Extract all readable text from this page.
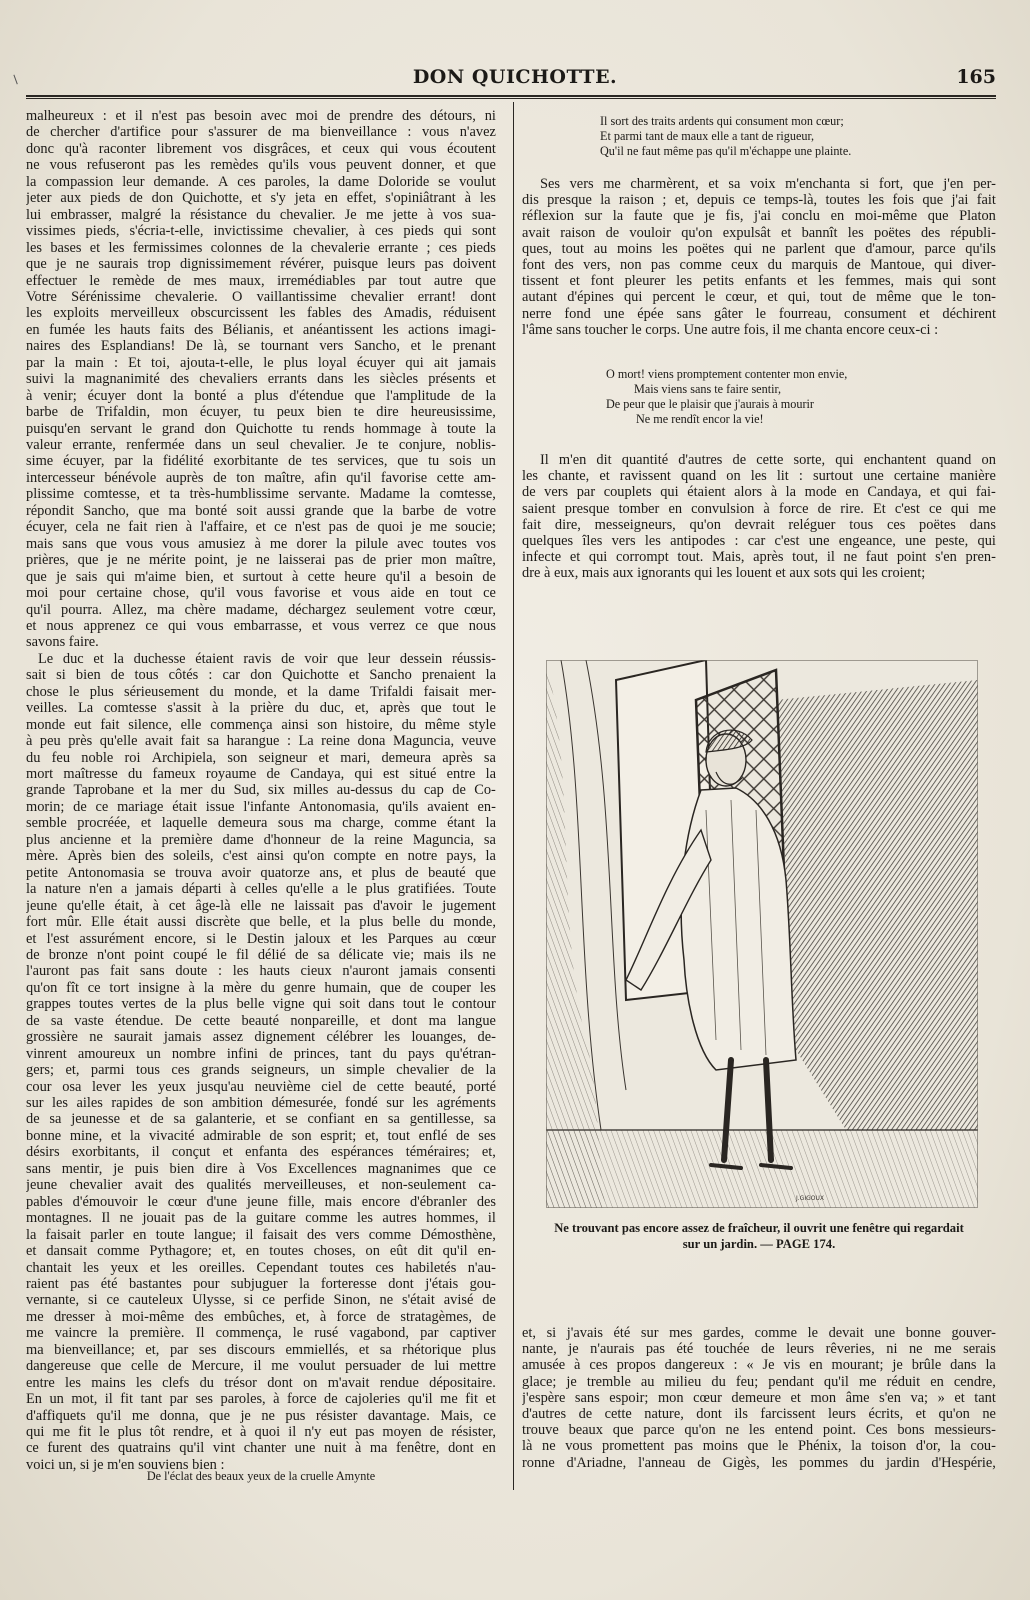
DON QUICHOTTE.	165
J.GIGOUX
malheureux : et il n'est pas besoin avec moi de prendre des détours, ni
de chercher d'artifice pour s'assurer de ma bienveillance : vous n'avez
donc qu'à raconter librement vos disgrâces, et ceux qui vous écoutent
ne vous refuseront pas les remèdes qu'ils vous peuvent donner, et que
la compassion leur demande. A ces paroles, la dame Doloride se voulut
jeter aux pieds de don Quichotte, et s'y jeta en effet, s'opiniâtrant à les
lui embrasser, malgré la résistance du chevalier. Je me jette à vos sua-
vissimes pieds, s'écria-t-elle, invictissime chevalier, à ces pieds qui sont
les bases et les fermissimes colonnes de la chevalerie errante ; ces pieds
que je ne saurais trop dignissimement révérer, puisque leurs pas doivent
effectuer le remède de mes maux, irremédiables par tout autre que
Votre Sérénissime chevalerie. O vaillantissime chevalier errant! dont
les exploits merveilleux obscurcissent les fables des Amadis, réduisent
en fumée les hauts faits des Bélianis, et anéantissent les actions imagi-
naires des Esplandians! De là, se tournant vers Sancho, et le prenant
par la main : Et toi, ajouta-t-elle, le plus loyal écuyer qui ait jamais
suivi la magnanimité des chevaliers errants dans les siècles présents et
à venir; écuyer dont la bonté a plus d'étendue que l'amplitude de la
barbe de Trifaldin, mon écuyer, tu peux bien te dire heureusissime,
puisqu'en servant le grand don Quichotte tu rends hommage à toute la
valeur errante, renfermée dans un seul chevalier. Je te conjure, noblis-
sime écuyer, par la fidélité exorbitante de tes services, que tu sois un
intercesseur bénévole auprès de ton maître, afin qu'il favorise cette am-
plissime comtesse, et ta très-humblissime servante. Madame la comtesse,
répondit Sancho, que ma bonté soit aussi grande que la barbe de votre
écuyer, cela ne fait rien à l'affaire, et ce n'est pas de quoi je me soucie;
mais sans que vous vous amusiez à me dorer la pilule avec toutes vos
prières, que je ne mérite point, je ne laisserai pas de prier mon maître,
que je sais qui m'aime bien, et surtout à cette heure qu'il a besoin de
moi pour certaine chose, qu'il vous favorise et vous aide en tout ce
qu'il pourra. Allez, ma chère madame, déchargez seulement votre cœur,
et nous apprenez ce qui vous embarrasse, et vous verrez ce que nous
savons faire.
Le duc et la duchesse étaient ravis de voir que leur dessein réussis-
sait si bien de tous côtés : car don Quichotte et Sancho prenaient la
chose le plus sérieusement du monde, et la dame Trifaldi faisait mer-
veilles. La comtesse s'assit à la prière du duc, et, après que tout le
monde eut fait silence, elle commença ainsi son histoire, du même style
à peu près qu'elle avait fait sa harangue : La reine dona Maguncia, veuve
du feu noble roi Archipiela, son seigneur et mari, demeura après sa
mort maîtresse du fameux royaume de Candaya, qui est situé entre la
grande Taprobane et la mer du Sud, six milles au-dessus du cap de Co-
morin; de ce mariage était issue l'infante Antonomasia, qu'ils avaient en-
semble procréée, et laquelle demeura sous ma charge, comme étant la
plus ancienne et la première dame d'honneur de la reine Maguncia, sa
mère. Après bien des soleils, c'est ainsi qu'on compte en notre pays, la
petite Antonomasia se trouva avoir quatorze ans, et plus de beauté que
la nature n'en a jamais départi à celles qu'elle a le plus gratifiées. Toute
jeune qu'elle était, à cet âge-là elle ne laissait pas d'avoir le jugement
fort mûr. Elle était aussi discrète que belle, et la plus belle du monde,
et l'est assurément encore, si le Destin jaloux et les Parques au cœur
de bronze n'ont point coupé le fil délié de sa délicate vie; mais ils ne
l'auront pas fait sans doute : les hauts cieux n'auront jamais consenti
qu'on fît ce tort insigne à la mère du genre humain, que de couper les
grappes toutes vertes de la plus belle vigne qui soit dans tout le contour
de sa vaste étendue. De cette beauté nonpareille, et dont ma langue
grossière ne saurait jamais assez dignement célébrer les louanges, de-
vinrent amoureux un nombre infini de princes, tant du pays qu'étran-
gers; et, parmi tous ces grands seigneurs, un simple chevalier de la
cour osa lever les yeux jusqu'au neuvième ciel de cette beauté, porté
sur les ailes rapides de son ambition démesurée, fondé sur les agréments
de sa jeunesse et de sa galanterie, et se confiant en sa gentillesse, sa
bonne mine, et la vivacité admirable de son esprit; et, tout enflé de ses
désirs exorbitants, il conçut et enfanta des espérances téméraires; et,
sans mentir, je puis bien dire à Vos Excellences magnanimes que ce
jeune chevalier avait des qualités merveilleuses, et non-seulement ca-
pables d'émouvoir le cœur d'une jeune fille, mais encore d'ébranler des
montagnes. Il ne jouait pas de la guitare comme les autres hommes, il
la faisait parler en toute langue; il faisait des vers comme Démosthène,
et dansait comme Pythagore; et, en toutes choses, on eût dit qu'il en-
chantait les yeux et les oreilles. Cependant toutes ces habiletés n'au-
raient pas été bastantes pour subjuguer la forteresse dont j'étais gou-
vernante, si ce cauteleux Ulysse, si ce perfide Sinon, ne s'était avisé de
me dresser à moi-même des embûches, et, à force de stratagèmes, de
me vaincre la première. Il commença, le rusé vagabond, par captiver
ma bienveillance; et, par ses discours emmiellés, et sa rhétorique plus
dangereuse que celle de Mercure, il me voulut persuader de lui mettre
entre les mains les clefs du trésor dont on m'avait rendue dépositaire.
En un mot, il fit tant par ses paroles, à force de cajoleries qu'il me fit et
d'affiquets qu'il me donna, que je ne pus résister davantage. Mais, ce
qui me fit le plus tôt rendre, et à quoi il n'y eut pas moyen de résister,
ce furent des quatrains qu'il vint chanter une nuit à ma fenêtre, dont en
voici un, si je m'en souviens bien :
De l'éclat des beaux yeux de la cruelle Amynte
Il sort des traits ardents qui consument mon cœur;
Et parmi tant de maux elle a tant de rigueur,
Qu'il ne faut même pas qu'il m'échappe une plainte.
Ses vers me charmèrent, et sa voix m'enchanta si fort, que j'en per-
dis presque la raison ; et, depuis ce temps-là, toutes les fois que j'ai fait
réflexion sur la faute que je fis, j'ai conclu en moi-même que Platon
avait raison de vouloir qu'on expulsât et bannît les poëtes des républi-
ques, tout au moins les poëtes qui ne parlent que d'amour, parce qu'ils
font des vers, non pas comme ceux du marquis de Mantoue, qui diver-
tissent et font pleurer les petits enfants et les femmes, mais qui sont
autant d'épines qui percent le cœur, et qui, tout de même que le ton-
nerre fond une épée sans gâter le fourreau, consument et déchirent
l'âme sans toucher le corps. Une autre fois, il me chanta encore ceux-ci :
O mort! viens promptement contenter mon envie,
Mais viens sans te faire sentir,
De peur que le plaisir que j'aurais à mourir
Ne me rendît encor la vie!
Il m'en dit quantité d'autres de cette sorte, qui enchantent quand on
les chante, et ravissent quand on les lit : surtout une certaine manière
de vers par couplets qui étaient alors à la mode en Candaya, et qui fai-
saient presque tomber en convulsion à force de rire. Et c'est ce qui me
fait dire, messeigneurs, qu'on devrait reléguer tous ces poëtes dans
quelques îles vers les antipodes : car c'est une engeance, une peste, qui
infecte et qui corrompt tout. Mais, après tout, il ne faut point s'en pren-
dre à eux, mais aux ignorants qui les louent et aux sots qui les croient;
Ne trouvant pas encore assez de fraîcheur, il ouvrit une fenêtre qui regardait
sur un jardin. — PAGE 174.
et, si j'avais été sur mes gardes, comme le devait une bonne gouver-
nante, je n'aurais pas été touchée de leurs rêveries, ni ne me serais
amusée à ces propos dangereux : « Je vis en mourant; je brûle dans la
glace; je tremble au milieu du feu; pendant qu'il me réduit en cendre,
j'espère sans espoir; mon cœur demeure et mon âme s'en va; » et tant
d'autres de cette nature, dont ils farcissent leurs écrits, et qu'on ne
trouve beaux que parce qu'on ne les entend point. Ces bons messieurs-
là ne vous promettent pas moins que le Phénix, la toison d'or, la cou-
ronne d'Ariadne, l'anneau de Gigès, les pommes du jardin d'Hespérie,
